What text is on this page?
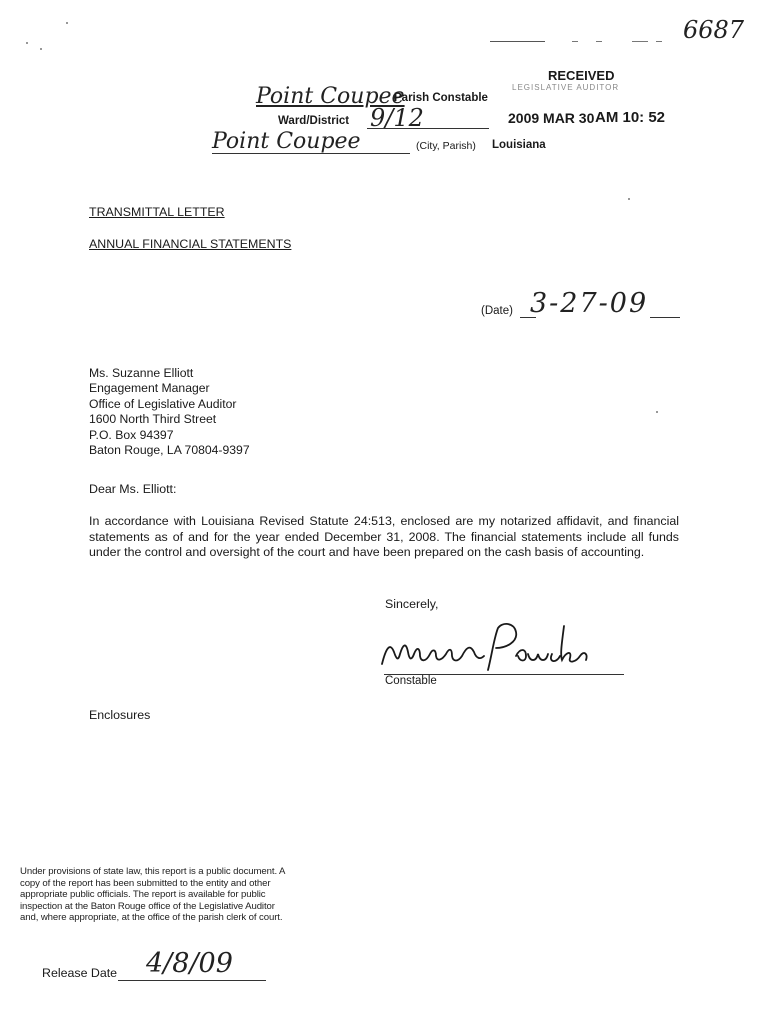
6687
RECEIVED
LEGISLATIVE AUDITOR
2009 MAR 30 AM 10: 52
Point Coupee
Parish Constable
Ward/District 9/12
Point Coupee	(City, Parish) Louisiana
TRANSMITTAL LETTER
ANNUAL FINANCIAL STATEMENTS
(Date) 3-27-09
Ms. Suzanne Elliott
Engagement Manager
Office of Legislative Auditor
1600 North Third Street
P.O. Box 94397
Baton Rouge, LA 70804-9397
Dear Ms. Elliott:
In accordance with Louisiana Revised Statute 24:513, enclosed are my notarized affidavit, and financial statements as of and for the year ended December 31, 2008. The financial statements include all funds under the control and oversight of the court and have been prepared on the cash basis of accounting.
Sincerely,
Constable
Enclosures
Under provisions of state law, this report is a public document. A copy of the report has been submitted to the entity and other appropriate public officials. The report is available for public inspection at the Baton Rouge office of the Legislative Auditor and, where appropriate, at the office of the parish clerk of court.
Release Date 4/8/09
